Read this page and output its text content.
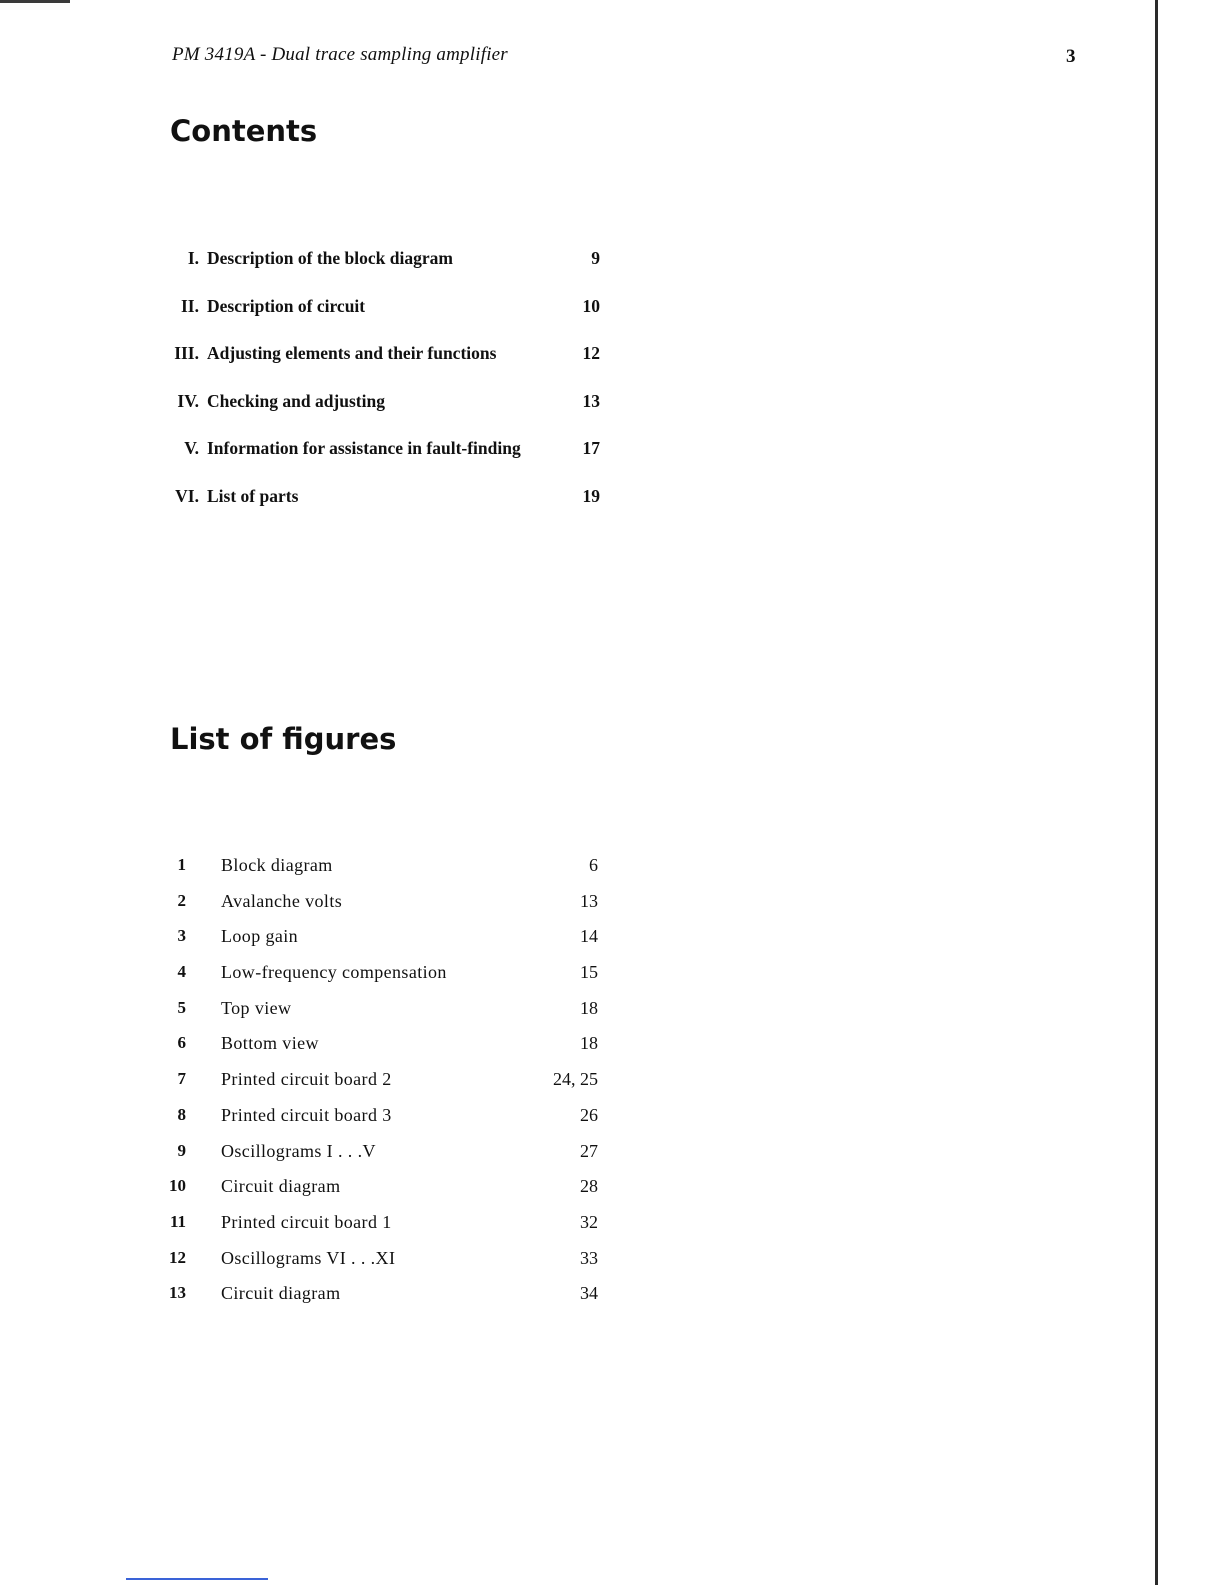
PM 3419A - Dual trace sampling amplifier	3
Contents
I. Description of the block diagram	9
II. Description of circuit	10
III. Adjusting elements and their functions	12
IV. Checking and adjusting	13
V. Information for assistance in fault-finding	17
VI. List of parts	19
List of figures
1 Block diagram	6
2 Avalanche volts	13
3 Loop gain	14
4 Low-frequency compensation	15
5 Top view	18
6 Bottom view	18
7 Printed circuit board 2	24, 25
8 Printed circuit board 3	26
9 Oscillograms I . . .V	27
10 Circuit diagram	28
11 Printed circuit board 1	32
12 Oscillograms VI . . .XI	33
13 Circuit diagram	34
